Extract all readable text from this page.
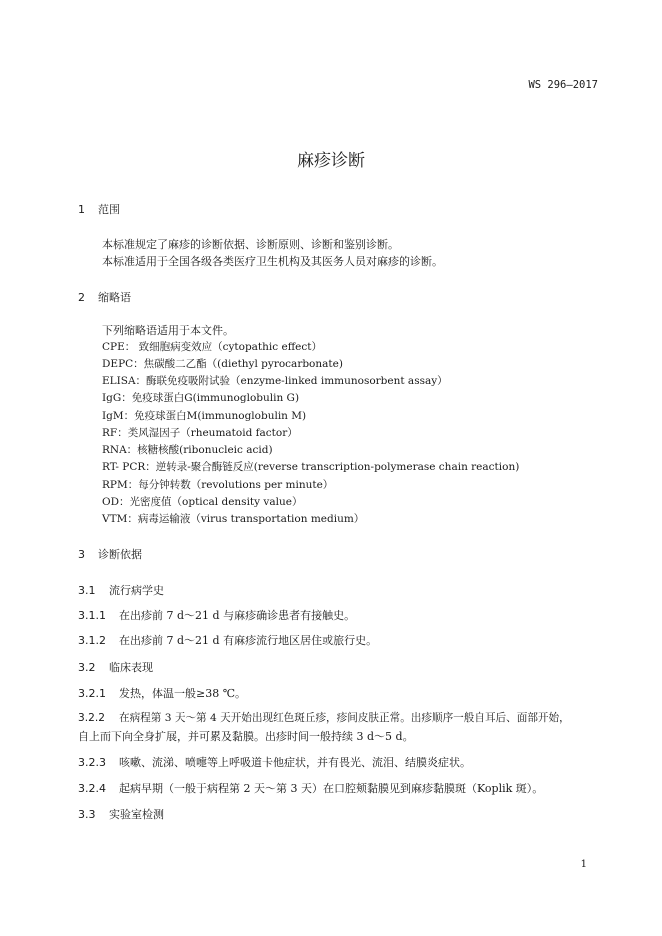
WS 296—2017
麻疹诊断
1 范围
本标准规定了麻疹的诊断依据、诊断原则、诊断和鉴别诊断。
本标准适用于全国各级各类医疗卫生机构及其医务人员对麻疹的诊断。
2 缩略语
下列缩略语适用于本文件。
CPE： 致细胞病变效应（cytopathic effect）
DEPC：焦碳酸二乙酯（(diethyl pyrocarbonate)
ELISA：酶联免疫吸附试验（enzyme-linked immunosorbent assay）
IgG：免疫球蛋白G(immunoglobulin G)
IgM：免疫球蛋白M(immunoglobulin M)
RF：类风湿因子（rheumatoid factor）
RNA：核糖核酸(ribonucleic acid)
RT- PCR：逆转录-聚合酶链反应(reverse transcription-polymerase chain reaction)
RPM：每分钟转数（revolutions per minute）
OD：光密度值（optical density value）
VTM：病毒运输液（virus transportation medium）
3 诊断依据
3.1 流行病学史
3.1.1 在出疹前 7 d～21 d 与麻疹确诊患者有接触史。
3.1.2 在出疹前 7 d～21 d 有麻疹流行地区居住或旅行史。
3.2 临床表现
3.2.1 发热，体温一般≥38 ℃。
3.2.2 在病程第 3 天～第 4 天开始出现红色斑丘疹，疹间皮肤正常。出疹顺序一般自耳后、面部开始，
自上而下向全身扩展，并可累及黏膜。出疹时间一般持续 3 d～5 d。
3.2.3 咳嗽、流涕、喷嚏等上呼吸道卡他症状，并有畏光、流泪、结膜炎症状。
3.2.4 起病早期（一般于病程第 2 天～第 3 天）在口腔颊黏膜见到麻疹黏膜斑（Koplik 斑）。
3.3 实验室检测
1
